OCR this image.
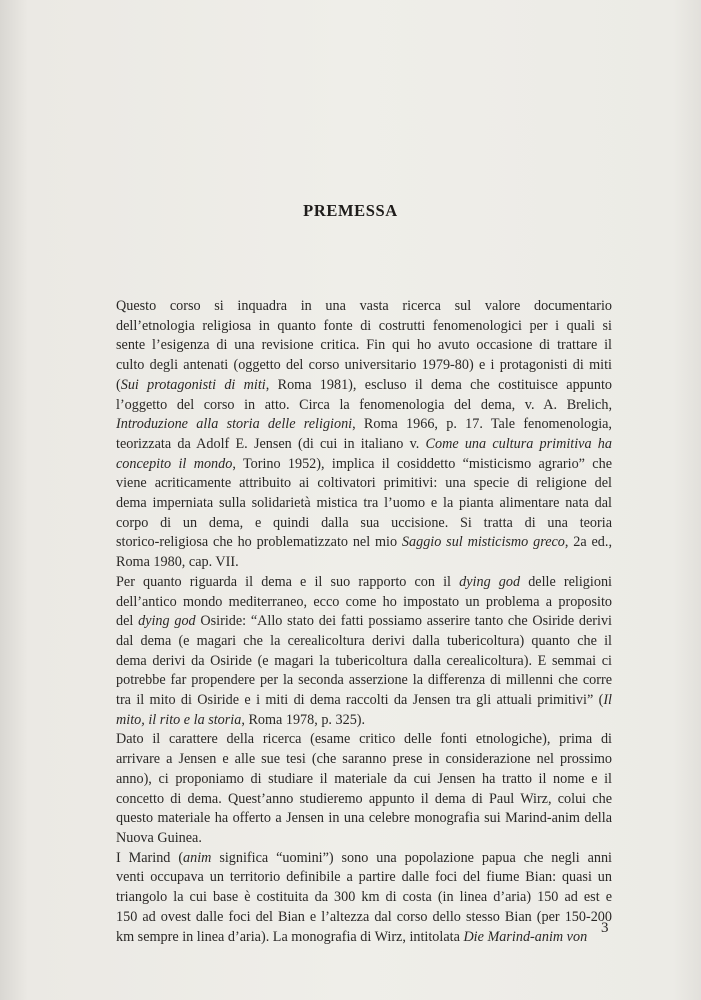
PREMESSA
Questo corso si inquadra in una vasta ricerca sul valore documentario
dell’etnologia religiosa in quanto fonte di costrutti fenomenologici per i quali si
sente l’esigenza di una revisione critica. Fin qui ho avuto occasione di trattare il
culto degli antenati (oggetto del corso universitario 1979-80) e i protagonisti di miti
(Sui protagonisti di miti, Roma 1981), escluso il dema che costituisce appunto
l’oggetto del corso in atto. Circa la fenomenologia del dema, v. A. Brelich,
Introduzione alla storia delle religioni, Roma 1966, p. 17. Tale fenomenologia,
teorizzata da Adolf E. Jensen (di cui in italiano v. Come una cultura primitiva ha
concepito il mondo, Torino 1952), implica il cosiddetto “misticismo agrario” che
viene acriticamente attribuito ai coltivatori primitivi: una specie di religione del
dema imperniata sulla solidarietà mistica tra l’uomo e la pianta alimentare nata dal
corpo di un dema, e quindi dalla sua uccisione. Si tratta di una teoria
storico-religiosa che ho problematizzato nel mio Saggio sul misticismo greco, 2a ed.,
Roma 1980, cap. VII.
Per quanto riguarda il dema e il suo rapporto con il dying god delle religioni
dell’antico mondo mediterraneo, ecco come ho impostato un problema a proposito
del dying god Osiride: “Allo stato dei fatti possiamo asserire tanto che Osiride derivi
dal dema (e magari che la cerealicoltura derivi dalla tubericoltura) quanto che il
dema derivi da Osiride (e magari la tubericoltura dalla cerealicoltura). E semmai ci
potrebbe far propendere per la seconda asserzione la differenza di millenni che corre
tra il mito di Osiride e i miti di dema raccolti da Jensen tra gli attuali primitivi” (Il
mito, il rito e la storia, Roma 1978, p. 325).
Dato il carattere della ricerca (esame critico delle fonti etnologiche), prima di
arrivare a Jensen e alle sue tesi (che saranno prese in considerazione nel prossimo
anno), ci proponiamo di studiare il materiale da cui Jensen ha tratto il nome e il
concetto di dema. Quest’anno studieremo appunto il dema di Paul Wirz, colui che
questo materiale ha offerto a Jensen in una celebre monografia sui Marind-anim della
Nuova Guinea.
I Marind (anim significa “uomini”) sono una popolazione papua che negli anni
venti occupava un territorio definibile a partire dalle foci del fiume Bian: quasi un
triangolo la cui base è costituita da 300 km di costa (in linea d’aria) 150 ad est e
150 ad ovest dalle foci del Bian e l’altezza dal corso dello stesso Bian (per 150-200
km sempre in linea d’aria). La monografia di Wirz, intitolata Die Marind-anim von
3
